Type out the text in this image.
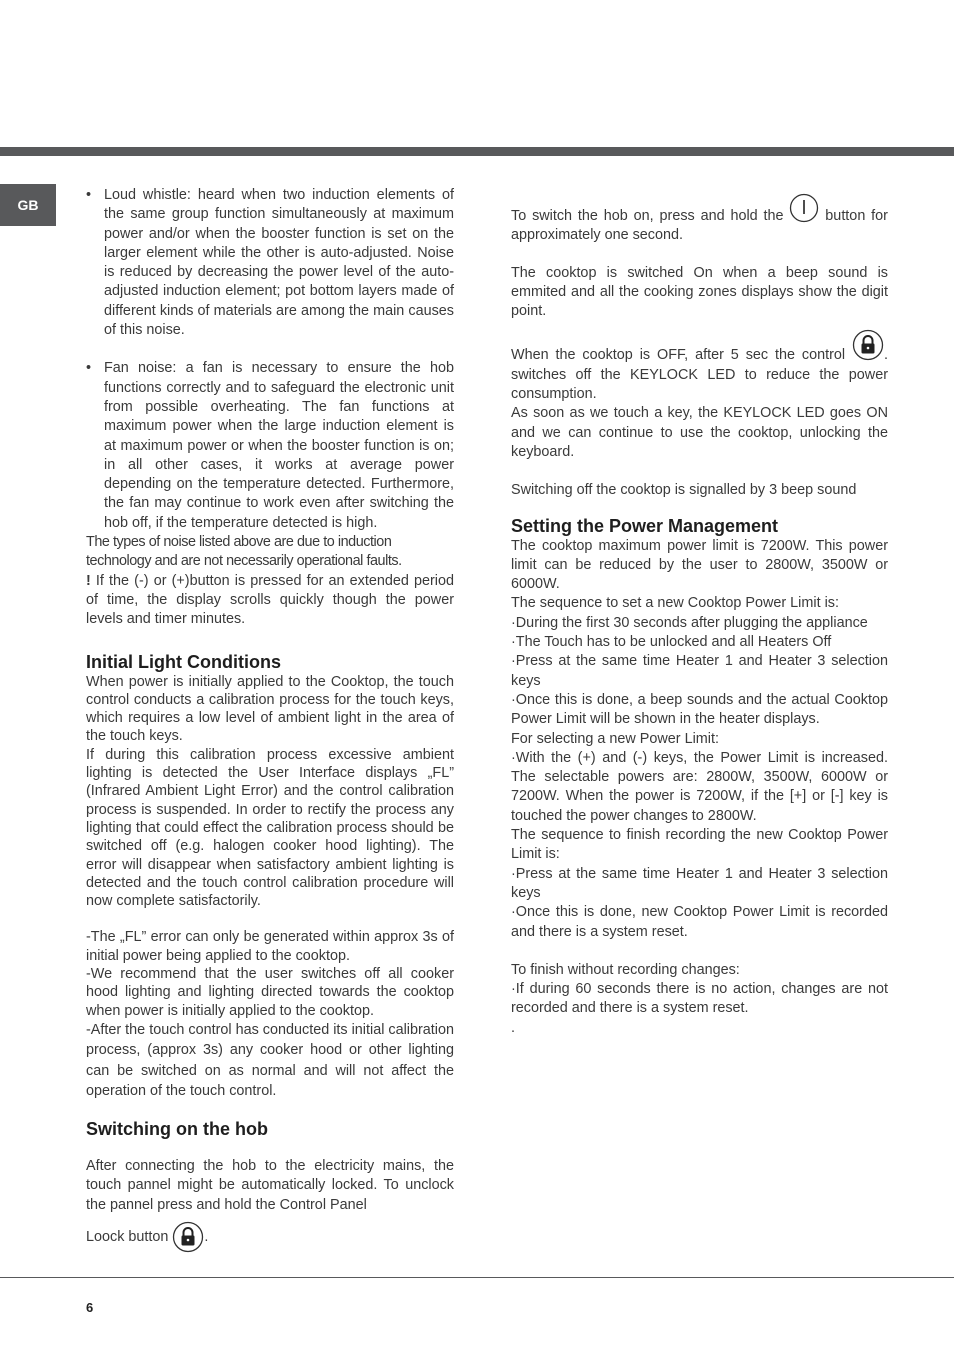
GB
• Loud whistle: heard when two induction elements of the same group function simultaneously at maximum power and/or when the booster function is set on the larger element while the other is auto-adjusted. Noise is reduced by decreasing the power level of the auto-adjusted induction element; pot bottom layers made of different kinds of materials are among the main causes of this noise.

• Fan noise: a fan is necessary to ensure the hob functions correctly and to safeguard the electronic unit from possible overheating. The fan functions at maximum power when the large induction element is at maximum power or when the booster function is on; in all other cases, it works at average power depending on the temperature detected. Furthermore, the fan may continue to work even after switching the hob off, if the temperature detected is high.

The types of noise listed above are due to induction technology and are not necessarily operational faults.

! If the (-) or (+)button is pressed for an extended period of time, the display scrolls quickly though the power levels and timer minutes.

Initial Light Conditions

When power is initially applied to the Cooktop, the touch control conducts a calibration process for the touch keys, which requires a low level of ambient light in the area of the touch keys.

If during this calibration process excessive ambient lighting is detected the User Interface displays „FL” (Infrared Ambient Light Error) and the control calibration process is suspended. In order to rectify the process any lighting that could effect the calibration process should be switched off (e.g. halogen cooker hood lighting). The error will disappear when satisfactory ambient lighting is detected and the touch control calibration procedure will now complete satisfactorily.

-The „FL” error can only be generated within approx 3s of initial power being applied to the cooktop.

-We recommend that the user switches off all cooker hood lighting and lighting directed towards the cooktop when power is initially applied to the cooktop.

-After the touch control has conducted its initial calibration process, (approx 3s) any cooker hood or other lighting can be switched on as normal and will not affect the operation of the touch control.

Switching on the hob

After connecting the hob to the electricity mains, the touch pannel might be automatically locked. To unclock the pannel press and hold the Control Panel

Loock button
.

To switch the hob on, press and hold the
button for approximately one second.

The cooktop is switched On when a beep sound is emmited and all the cooking zones displays show the digit point.

When the cooktop is OFF, after 5 sec the control
. switches off the KEYLOCK LED to reduce the power consumption.

As soon as we touch a key, the KEYLOCK LED goes ON and we can continue to use the cooktop, unlocking the keyboard.

Switching off the cooktop is signalled by 3 beep sound

Setting the Power Management

The cooktop maximum power limit is 7200W. This power limit can be reduced by the user to 2800W, 3500W or 6000W.

The sequence to set a new Cooktop Power Limit is:

·During the first 30 seconds after plugging the appliance

·The Touch has to be unlocked and all Heaters Off

·Press at the same time Heater 1 and Heater 3 selection keys

·Once this is done, a beep sounds and the actual Cooktop Power Limit will be shown in the heater displays.

For selecting a new Power Limit:

·With the (+) and (-) keys, the Power Limit is increased. The selectable powers are: 2800W, 3500W, 6000W or 7200W. When the power is 7200W, if the [+] or [-] key is touched the power changes to 2800W.

The sequence to finish recording the new Cooktop Power Limit is:

·Press at the same time Heater 1 and Heater 3 selection keys

·Once this is done, new Cooktop Power Limit is recorded and there is a system reset.

To finish without recording changes:

·If during 60 seconds there is no action, changes are not recorded and there is a system reset.

.

6
